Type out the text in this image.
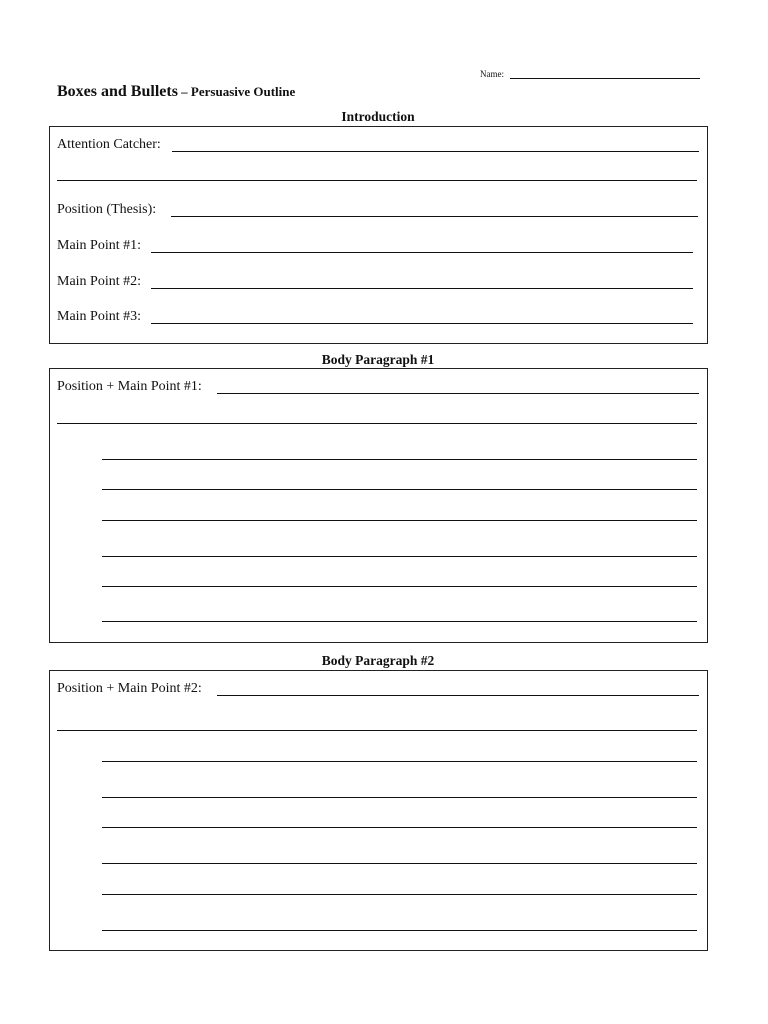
Name:
Boxes and Bullets – Persuasive Outline
Introduction
Attention Catcher:
Position (Thesis):
Main Point #1:
Main Point #2:
Main Point #3:
Body Paragraph #1
Position + Main Point #1:
Body Paragraph #2
Position + Main Point #2:
